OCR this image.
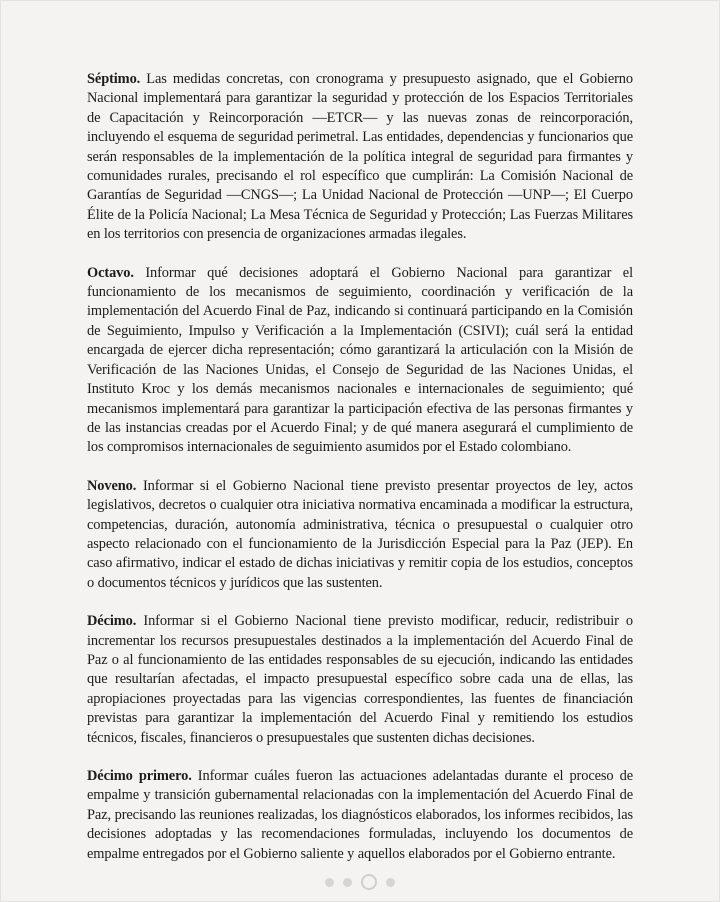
Séptimo. Las medidas concretas, con cronograma y presupuesto asignado, que el Gobierno Nacional implementará para garantizar la seguridad y protección de los Espacios Territoriales de Capacitación y Reincorporación —ETCR— y las nuevas zonas de reincorporación, incluyendo el esquema de seguridad perimetral. Las entidades, dependencias y funcionarios que serán responsables de la implementación de la política integral de seguridad para firmantes y comunidades rurales, precisando el rol específico que cumplirán: La Comisión Nacional de Garantías de Seguridad —CNGS—; La Unidad Nacional de Protección —UNP—; El Cuerpo Élite de la Policía Nacional; La Mesa Técnica de Seguridad y Protección; Las Fuerzas Militares en los territorios con presencia de organizaciones armadas ilegales.

Octavo. Informar qué decisiones adoptará el Gobierno Nacional para garantizar el funcionamiento de los mecanismos de seguimiento, coordinación y verificación de la implementación del Acuerdo Final de Paz, indicando si continuará participando en la Comisión de Seguimiento, Impulso y Verificación a la Implementación (CSIVI); cuál será la entidad encargada de ejercer dicha representación; cómo garantizará la articulación con la Misión de Verificación de las Naciones Unidas, el Consejo de Seguridad de las Naciones Unidas, el Instituto Kroc y los demás mecanismos nacionales e internacionales de seguimiento; qué mecanismos implementará para garantizar la participación efectiva de las personas firmantes y de las instancias creadas por el Acuerdo Final; y de qué manera asegurará el cumplimiento de los compromisos internacionales de seguimiento asumidos por el Estado colombiano.

Noveno. Informar si el Gobierno Nacional tiene previsto presentar proyectos de ley, actos legislativos, decretos o cualquier otra iniciativa normativa encaminada a modificar la estructura, competencias, duración, autonomía administrativa, técnica o presupuestal o cualquier otro aspecto relacionado con el funcionamiento de la Jurisdicción Especial para la Paz (JEP). En caso afirmativo, indicar el estado de dichas iniciativas y remitir copia de los estudios, conceptos o documentos técnicos y jurídicos que las sustenten.

Décimo. Informar si el Gobierno Nacional tiene previsto modificar, reducir, redistribuir o incrementar los recursos presupuestales destinados a la implementación del Acuerdo Final de Paz o al funcionamiento de las entidades responsables de su ejecución, indicando las entidades que resultarían afectadas, el impacto presupuestal específico sobre cada una de ellas, las apropiaciones proyectadas para las vigencias correspondientes, las fuentes de financiación previstas para garantizar la implementación del Acuerdo Final y remitiendo los estudios técnicos, fiscales, financieros o presupuestales que sustenten dichas decisiones.

Décimo primero. Informar cuáles fueron las actuaciones adelantadas durante el proceso de empalme y transición gubernamental relacionadas con la implementación del Acuerdo Final de Paz, precisando las reuniones realizadas, los diagnósticos elaborados, los informes recibidos, las decisiones adoptadas y las recomendaciones formuladas, incluyendo los documentos de empalme entregados por el Gobierno saliente y aquellos elaborados por el Gobierno entrante.
